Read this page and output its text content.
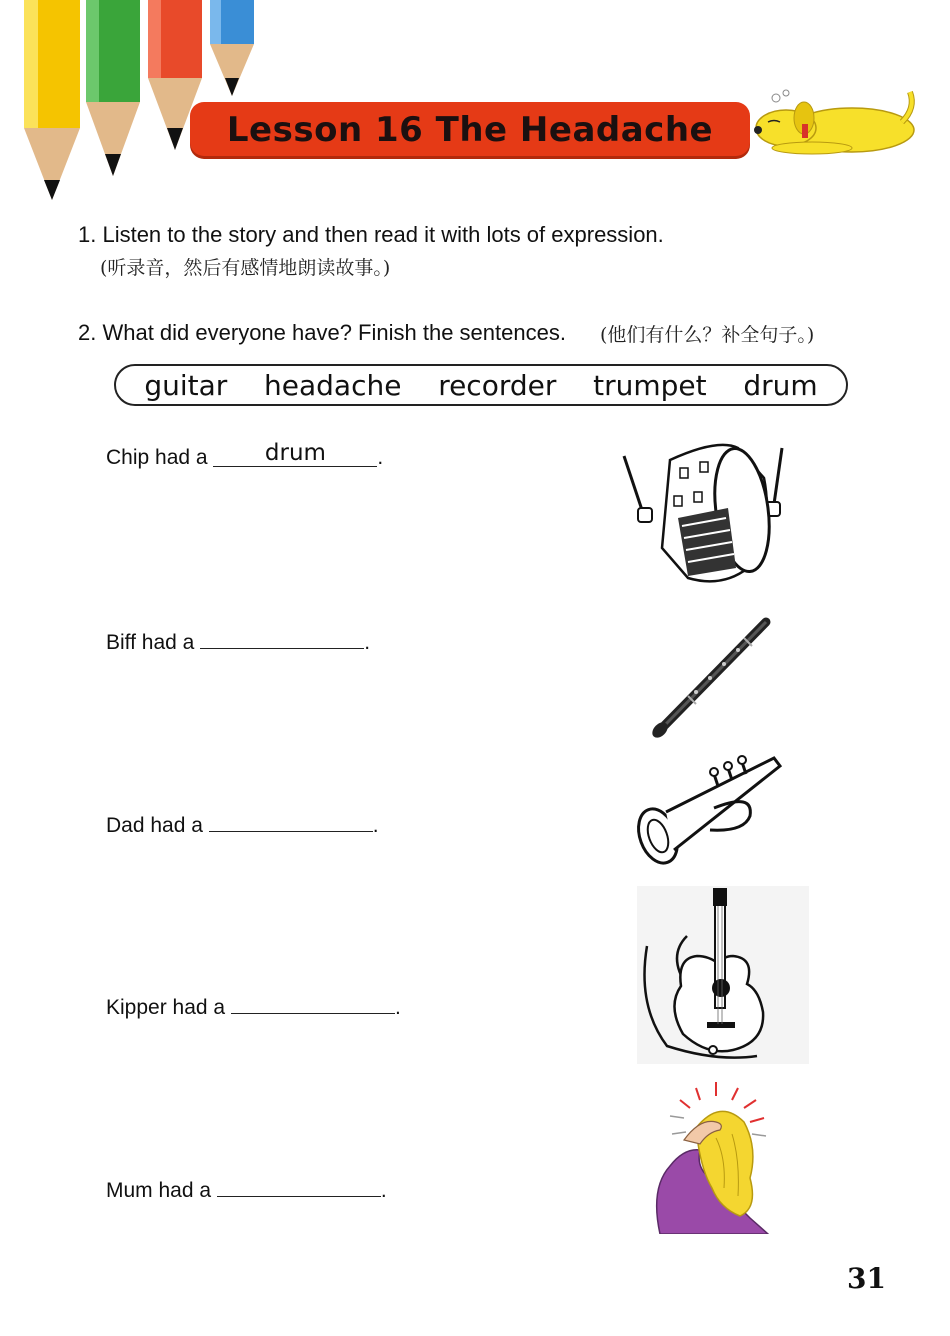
Lesson 16 The Headache
1. Listen to the story and then read it with lots of expression.
(听录音，然后有感情地朗读故事。)
2. What did everyone have? Finish the sentences. (他们有什么？补全句子。)
guitar headache recorder trumpet drum
Chip had a drum .
Biff had a	.
Dad had a	.
Kipper had a	.
Mum had a	.
31
